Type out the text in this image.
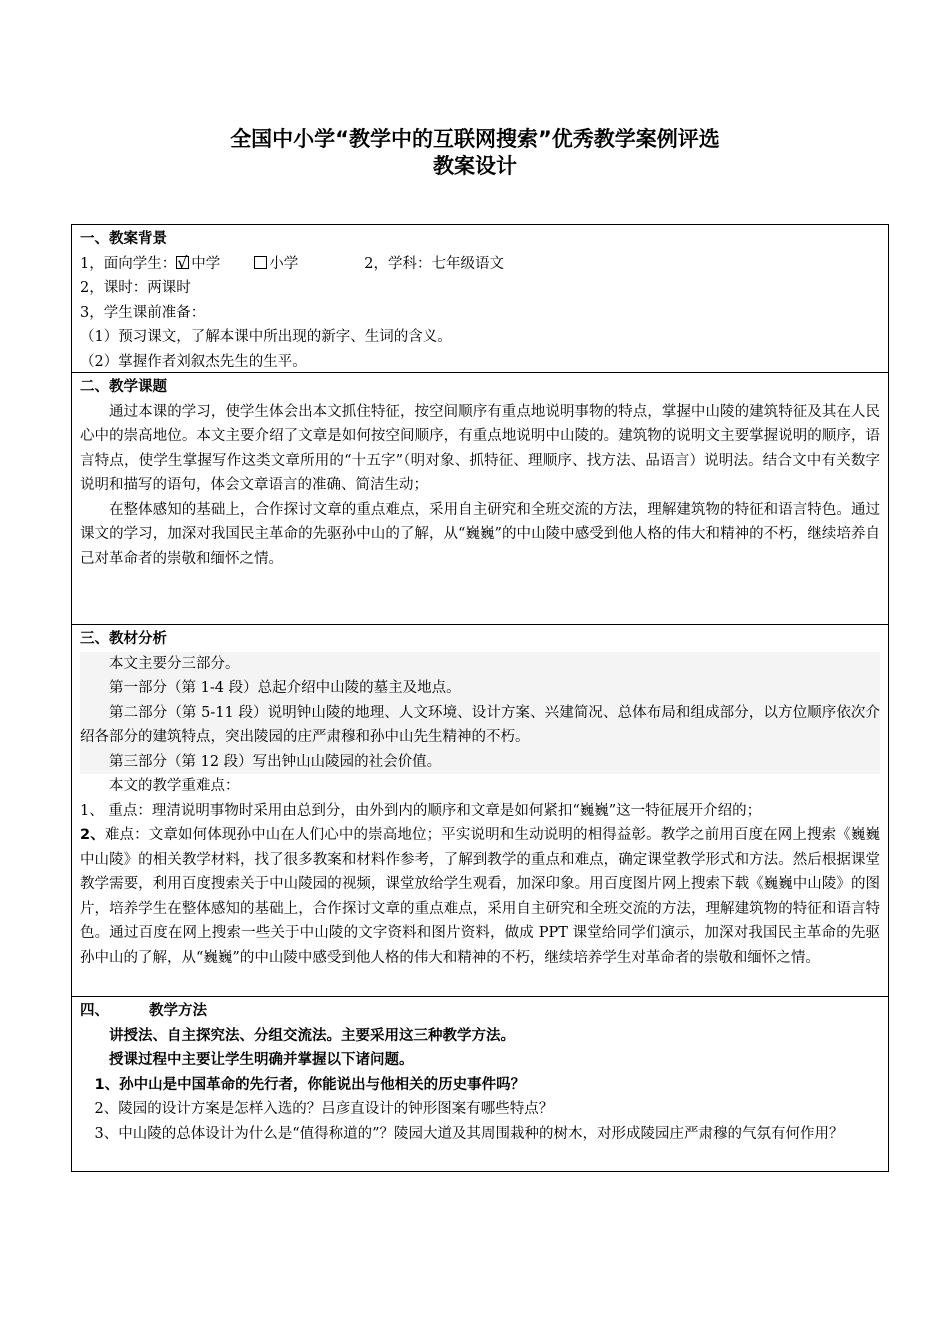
全国中小学“教学中的互联网搜索”优秀教学案例评选
教案设计
一、教案背景
1，面向学生：√ 中学	小学	2，学科：七年级语文
2，课时：两课时
3，学生课前准备：
（1）预习课文，了解本课中所出现的新字、生词的含义。
（2）掌握作者刘叙杰先生的生平。
二、教学课题
通过本课的学习，使学生体会出本文抓住特征，按空间顺序有重点地说明事物的特点，掌握中山陵的建筑特征及其在人民心中的崇高地位。本文主要介绍了文章是如何按空间顺序，有重点地说明中山陵的。建筑物的说明文主要掌握说明的顺序，语言特点，使学生掌握写作这类文章所用的“十五字”（明对象、抓特征、理顺序、找方法、品语言）说明法。结合文中有关数字说明和描写的语句，体会文章语言的准确、简洁生动；
在整体感知的基础上，合作探讨文章的重点难点，采用自主研究和全班交流的方法，理解建筑物的特征和语言特色。通过课文的学习，加深对我国民主革命的先驱孙中山的了解，从“巍巍”的中山陵中感受到他人格的伟大和精神的不朽，继续培养自己对革命者的崇敬和缅怀之情。
三、教材分析
本文主要分三部分。
第一部分（第 1-4 段）总起介绍中山陵的墓主及地点。
第二部分（第 5-11 段）说明钟山陵的地理、人文环境、设计方案、兴建简况、总体布局和组成部分，以方位顺序依次介绍各部分的建筑特点，突出陵园的庄严肃穆和孙中山先生精神的不朽。
第三部分（第 12 段）写出钟山山陵园的社会价值。
本文的教学重难点：
1、 重点：理清说明事物时采用由总到分，由外到内的顺序和文章是如何紧扣“巍巍”这一特征展开介绍的；
2、难点：文章如何体现孙中山在人们心中的崇高地位；平实说明和生动说明的相得益彰。教学之前用百度在网上搜索《巍巍中山陵》的相关教学材料，找了很多教案和材料作参考，了解到教学的重点和难点，确定课堂教学形式和方法。然后根据课堂教学需要，利用百度搜索关于中山陵园的视频，课堂放给学生观看，加深印象。用百度图片网上搜索下载《巍巍中山陵》的图片，培养学生在整体感知的基础上，合作探讨文章的重点难点，采用自主研究和全班交流的方法，理解建筑物的特征和语言特色。通过百度在网上搜索一些关于中山陵的文字资料和图片资料，做成 PPT 课堂给同学们演示，加深对我国民主革命的先驱孙中山的了解，从“巍巍”的中山陵中感受到他人格的伟大和精神的不朽，继续培养学生对革命者的崇敬和缅怀之情。
四、	教学方法
讲授法、自主探究法、分组交流法。主要采用这三种教学方法。
授课过程中主要让学生明确并掌握以下诸问题。
1、孙中山是中国革命的先行者，你能说出与他相关的历史事件吗？
2、陵园的设计方案是怎样入选的？吕彦直设计的钟形图案有哪些特点？
3、中山陵的总体设计为什么是“值得称道的”？陵园大道及其周围栽种的树木，对形成陵园庄严肃穆的气氛有何作用？
